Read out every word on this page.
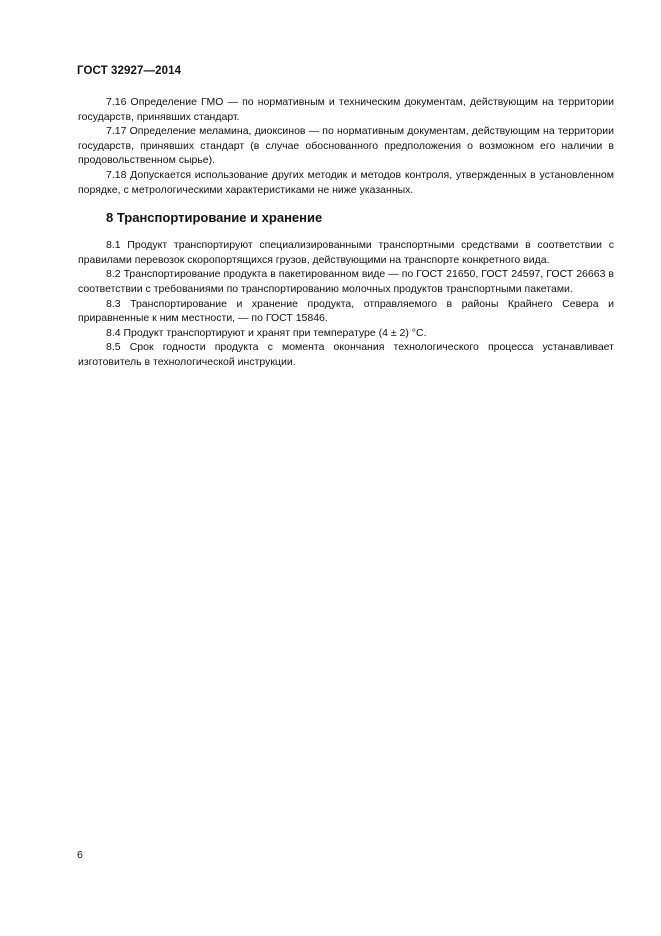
ГОСТ 32927—2014

7.16 Определение ГМО — по нормативным и техническим документам, действующим на территории государств, принявших стандарт.

7.17 Определение меламина, диоксинов — по нормативным документам, действующим на территории государств, принявших стандарт (в случае обоснованного предположения о возможном его наличии в продовольственном сырье).

7.18 Допускается использование других методик и методов контроля, утвержденных в установленном порядке, с метрологическими характеристиками не ниже указанных.

8 Транспортирование и хранение

8.1 Продукт транспортируют специализированными транспортными средствами в соответствии с правилами перевозок скоропортящихся грузов, действующими на транспорте конкретного вида.

8.2 Транспортирование продукта в пакетированном виде — по ГОСТ 21650, ГОСТ 24597, ГОСТ 26663 в соответствии с требованиями по транспортированию молочных продуктов транспортными пакетами.

8.3 Транспортирование и хранение продукта, отправляемого в районы Крайнего Севера и приравненные к ним местности, — по ГОСТ 15846.

8.4 Продукт транспортируют и хранят при температуре (4 ± 2) °С.

8.5 Срок годности продукта с момента окончания технологического процесса устанавливает изготовитель в технологической инструкции.

6
